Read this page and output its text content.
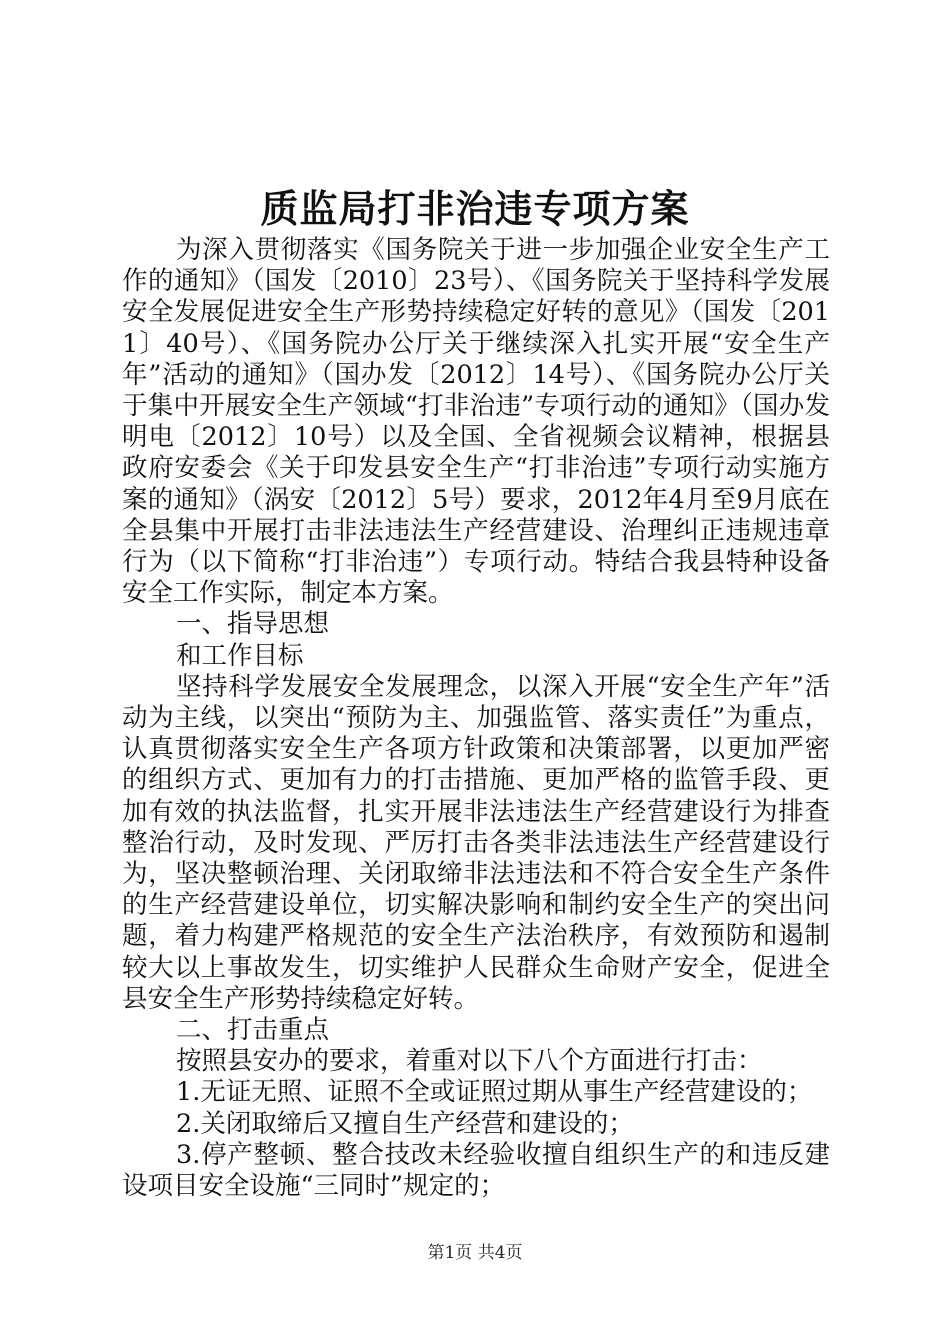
质监局打非治违专项方案

为深入贯彻落实《国务院关于进一步加强企业安全生产工作的通知》（国发〔2010〕23号）、《国务院关于坚持科学发展安全发展促进安全生产形势持续稳定好转的意见》（国发〔2011〕40号）、《国务院办公厅关于继续深入扎实开展“安全生产年”活动的通知》（国办发〔2012〕14号）、《国务院办公厅关于集中开展安全生产领域“打非治违”专项行动的通知》（国办发明电〔2012〕10号）以及全国、全省视频会议精神，根据县政府安委会《关于印发县安全生产“打非治违”专项行动实施方案的通知》（涡安〔2012〕5号）要求，2012年4月至9月底在全县集中开展打击非法违法生产经营建设、治理纠正违规违章行为（以下简称“打非治违”）专项行动。特结合我县特种设备安全工作实际，制定本方案。

一、指导思想

和工作目标

坚持科学发展安全发展理念，以深入开展“安全生产年”活动为主线，以突出“预防为主、加强监管、落实责任”为重点，认真贯彻落实安全生产各项方针政策和决策部署，以更加严密的组织方式、更加有力的打击措施、更加严格的监管手段、更加有效的执法监督，扎实开展非法违法生产经营建设行为排查整治行动，及时发现、严厉打击各类非法违法生产经营建设行为，坚决整顿治理、关闭取缔非法违法和不符合安全生产条件的生产经营建设单位，切实解决影响和制约安全生产的突出问题，着力构建严格规范的安全生产法治秩序，有效预防和遏制较大以上事故发生，切实维护人民群众生命财产安全，促进全县安全生产形势持续稳定好转。

二、打击重点

按照县安办的要求，着重对以下八个方面进行打击：

1.无证无照、证照不全或证照过期从事生产经营建设的；

2.关闭取缔后又擅自生产经营和建设的；

3.停产整顿、整合技改未经验收擅自组织生产的和违反建设项目安全设施“三同时”规定的；

第1页 共4页
